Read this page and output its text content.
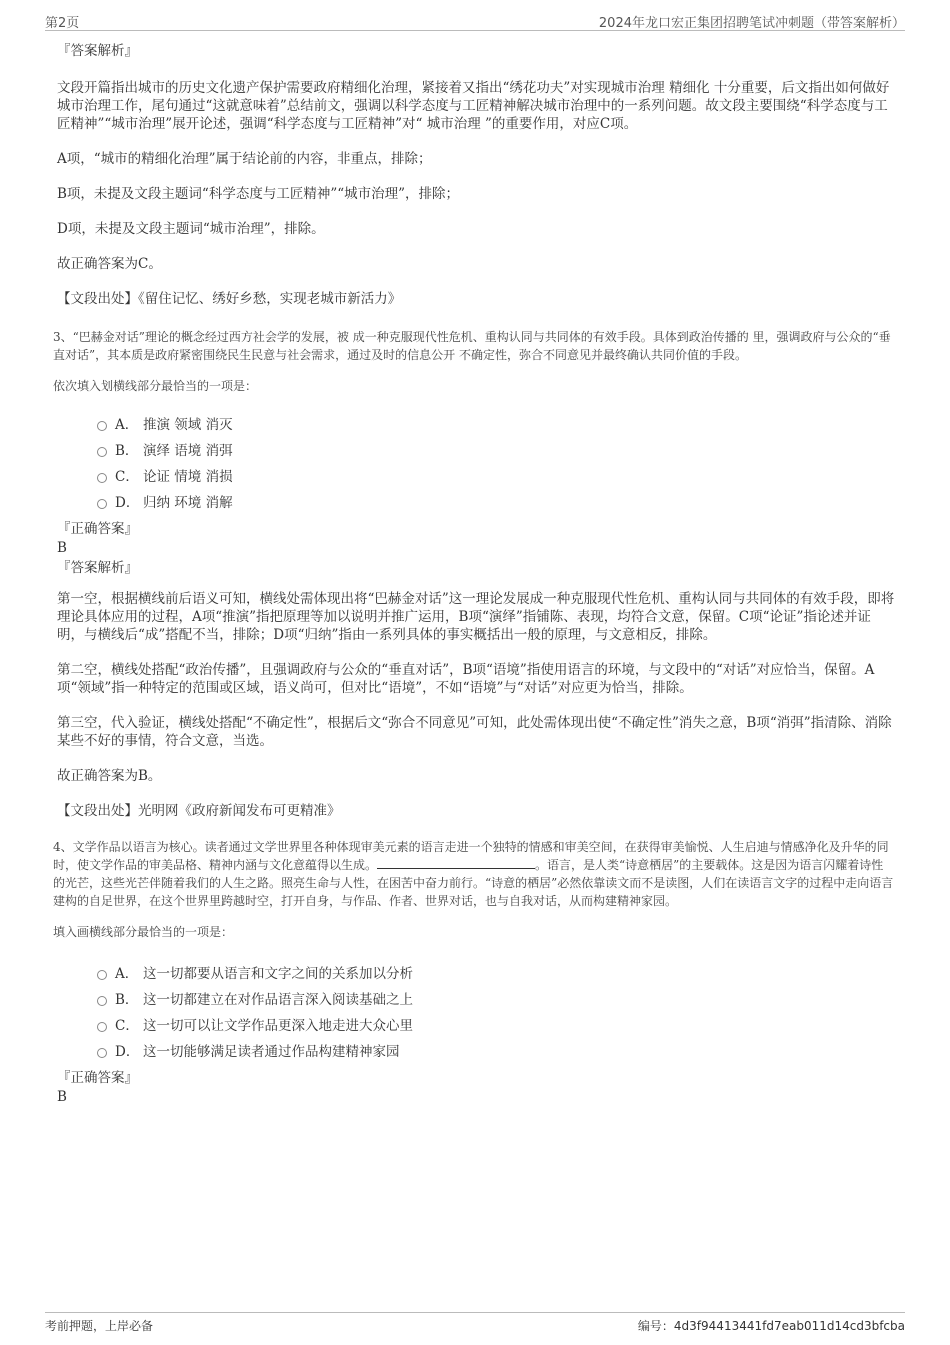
第2页	2024年龙口宏正集团招聘笔试冲刺题（带答案解析）

『答案解析』

文段开篇指出城市的历史文化遗产保护需要政府精细化治理，紧接着又指出“绣花功夫”对实现城市治理 精细化 十分重要，后文指出如何做好城市治理工作，尾句通过“这就意味着”总结前文，强调以科学态度与工匠精神解决城市治理中的一系列问题。故文段主要围绕“科学态度与工匠精神”“城市治理”展开论述，强调“科学态度与工匠精神”对“ 城市治理 ”的重要作用，对应C项。

A项，“城市的精细化治理”属于结论前的内容，非重点，排除；

B项，未提及文段主题词“科学态度与工匠精神”“城市治理”，排除；

D项，未提及文段主题词“城市治理”，排除。

故正确答案为C。

【文段出处】《留住记忆、绣好乡愁，实现老城市新活力》

3、“巴赫金对话”理论的概念经过西方社会学的发展，被 成一种克服现代性危机、重构认同与共同体的有效手段。具体到政治传播的 里，强调政府与公众的“垂直对话”，其本质是政府紧密围绕民生民意与社会需求，通过及时的信息公开 不确定性，弥合不同意见并最终确认共同价值的手段。

依次填入划横线部分最恰当的一项是：

A． 推演 领域 消灭
B． 演绎 语境 消弭
C． 论证 情境 消损
D． 归纳 环境 消解

『正确答案』

B

『答案解析』

第一空，根据横线前后语义可知，横线处需体现出将“巴赫金对话”这一理论发展成一种克服现代性危机、重构认同与共同体的有效手段，即将理论具体应用的过程，A项“推演”指把原理等加以说明并推广运用，B项“演绎”指铺陈、表现，均符合文意，保留。C项“论证”指论述并证明，与横线后“成”搭配不当，排除；D项“归纳”指由一系列具体的事实概括出一般的原理，与文意相反，排除。

第二空，横线处搭配“政治传播”，且强调政府与公众的“垂直对话”，B项“语境”指使用语言的环境，与文段中的“对话”对应恰当，保留。A项“领域”指一种特定的范围或区域，语义尚可，但对比“语境”，不如“语境”与“对话”对应更为恰当，排除。

第三空，代入验证，横线处搭配“不确定性”，根据后文“弥合不同意见”可知，此处需体现出使“不确定性”消失之意，B项“消弭”指清除、消除某些不好的事情，符合文意，当选。

故正确答案为B。

【文段出处】光明网《政府新闻发布可更精准》

4、文学作品以语言为核心。读者通过文学世界里各种体现审美元素的语言走进一个独特的情感和审美空间，在获得审美愉悦、人生启迪与情感净化及升华的同时，使文学作品的审美品格、精神内涵与文化意蕴得以生成。	。语言，是人类“诗意栖居”的主要载体。这是因为语言闪耀着诗性的光芒，这些光芒伴随着我们的人生之路。照亮生命与人性，在困苦中奋力前行。“诗意的栖居”必然依靠读文而不是读图，人们在读语言文字的过程中走向语言建构的自足世界，在这个世界里跨越时空，打开自身，与作品、作者、世界对话，也与自我对话，从而构建精神家园。

填入画横线部分最恰当的一项是：

A． 这一切都要从语言和文字之间的关系加以分析
B． 这一切都建立在对作品语言深入阅读基础之上
C． 这一切可以让文学作品更深入地走进大众心里
D． 这一切能够满足读者通过作品构建精神家园

『正确答案』

B

考前押题，上岸必备	编号：4d3f94413441fd7eab011d14cd3bfcba
